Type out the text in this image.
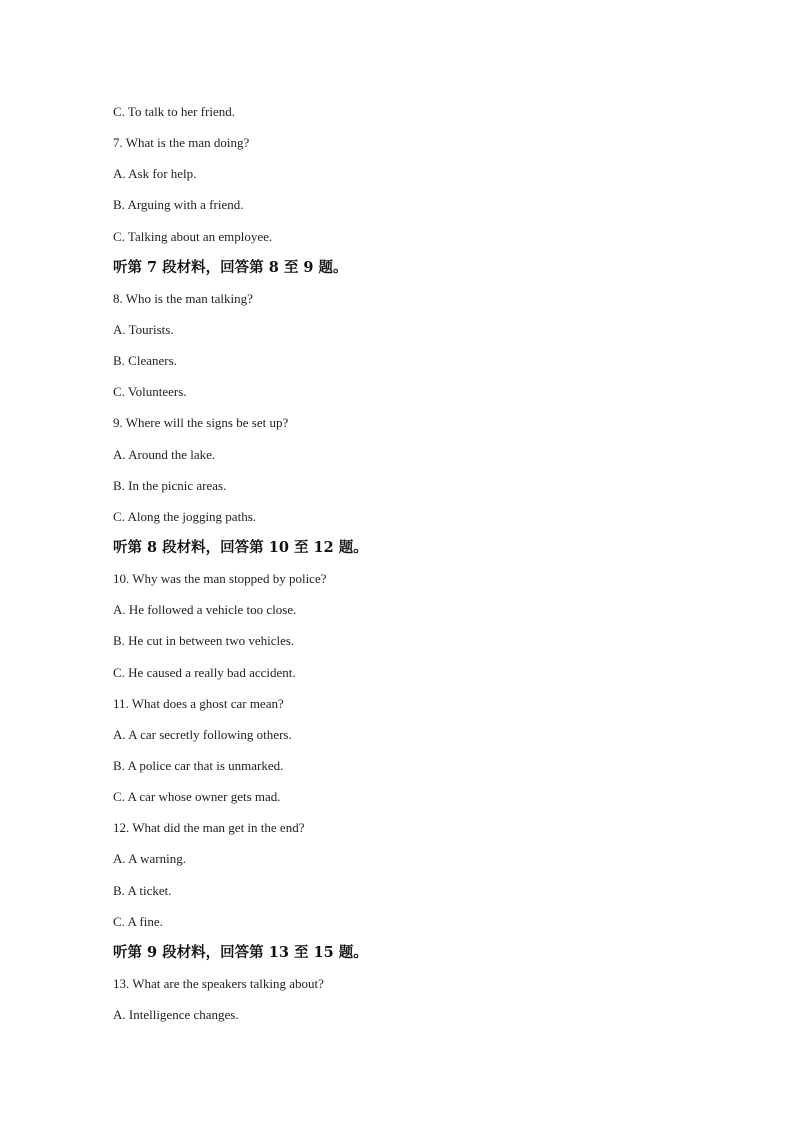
C. To talk to her friend.
7. What is the man doing?
A. Ask for help.
B. Arguing with a friend.
C. Talking about an employee.
听第 7 段材料，回答第 8 至 9 题。
8. Who is the man talking?
A. Tourists.
B. Cleaners.
C. Volunteers.
9. Where will the signs be set up?
A. Around the lake.
B. In the picnic areas.
C. Along the jogging paths.
听第 8 段材料，回答第 10 至 12 题。
10. Why was the man stopped by police?
A. He followed a vehicle too close.
B. He cut in between two vehicles.
C. He caused a really bad accident.
11. What does a ghost car mean?
A. A car secretly following others.
B. A police car that is unmarked.
C. A car whose owner gets mad.
12. What did the man get in the end?
A. A warning.
B. A ticket.
C. A fine.
听第 9 段材料，回答第 13 至 15 题。
13. What are the speakers talking about?
A. Intelligence changes.
